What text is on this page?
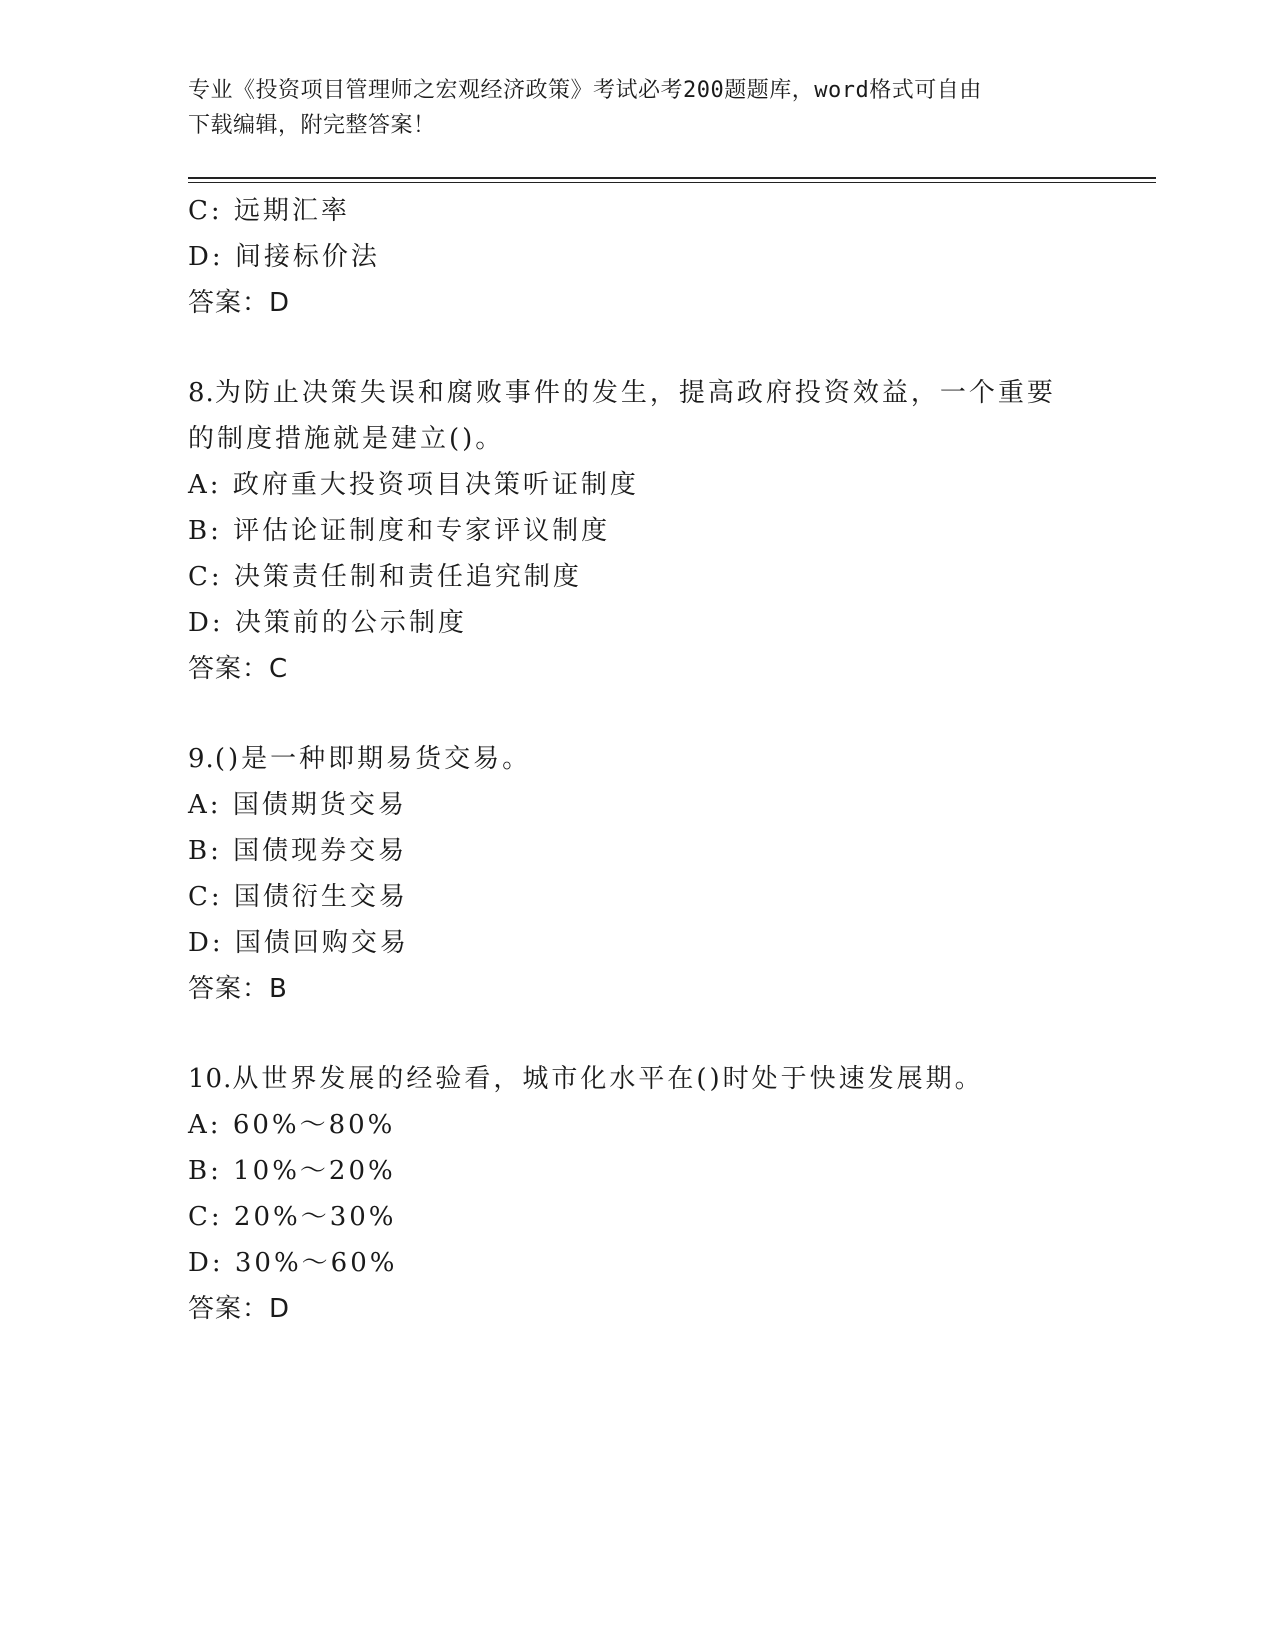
专业《投资项目管理师之宏观经济政策》考试必考200题题库，word格式可自由
下载编辑，附完整答案！
C: 远期汇率
D: 间接标价法
答案：D
8.为防止决策失误和腐败事件的发生，提高政府投资效益，一个重要
的制度措施就是建立()。
A: 政府重大投资项目决策听证制度
B: 评估论证制度和专家评议制度
C: 决策责任制和责任追究制度
D: 决策前的公示制度
答案：C
9.()是一种即期易货交易。
A: 国债期货交易
B: 国债现券交易
C: 国债衍生交易
D: 国债回购交易
答案：B
10.从世界发展的经验看，城市化水平在()时处于快速发展期。
A: 60%～80%
B: 10%～20%
C: 20%～30%
D: 30%～60%
答案：D
